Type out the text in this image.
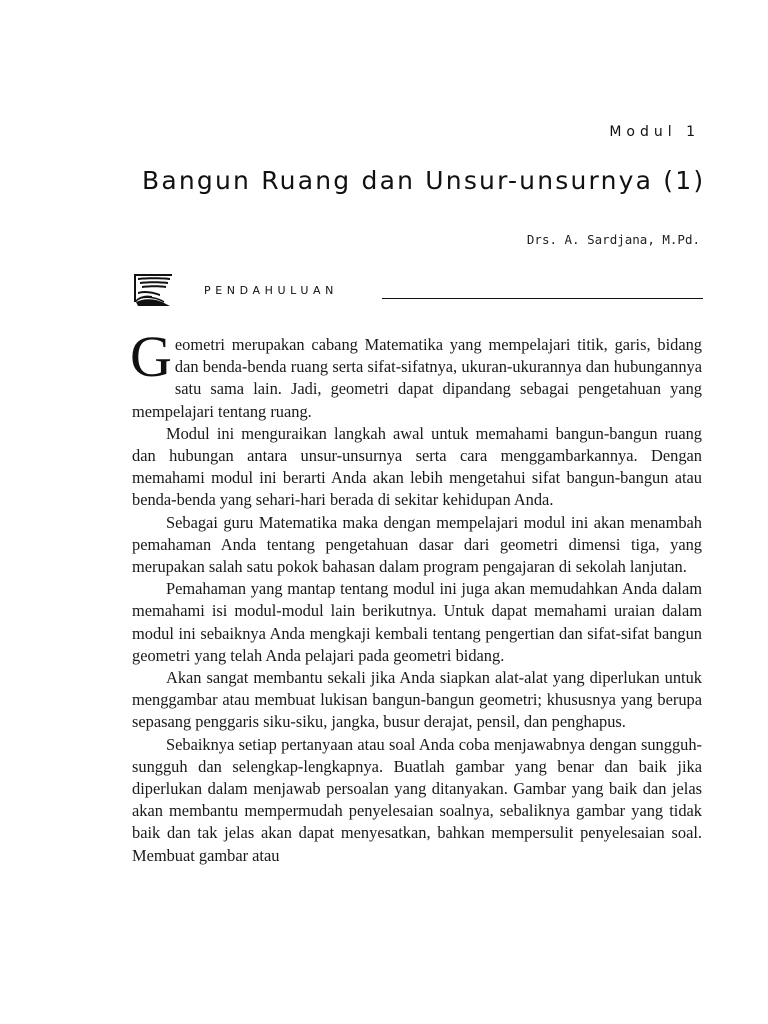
Modul 1
Bangun Ruang dan Unsur-unsurnya (1)
Drs. A. Sardjana, M.Pd.
PENDAHULUAN

Geometri merupakan cabang Matematika yang mempelajari titik, garis, bidang dan benda-benda ruang serta sifat-sifatnya, ukuran-ukurannya dan hubungannya satu sama lain. Jadi, geometri dapat dipandang sebagai pengetahuan yang mempelajari tentang ruang.

Modul ini menguraikan langkah awal untuk memahami bangun-bangun ruang dan hubungan antara unsur-unsurnya serta cara menggambarkannya. Dengan memahami modul ini berarti Anda akan lebih mengetahui sifat bangun-bangun atau benda-benda yang sehari-hari berada di sekitar kehidupan Anda.

Sebagai guru Matematika maka dengan mempelajari modul ini akan menambah pemahaman Anda tentang pengetahuan dasar dari geometri dimensi tiga, yang merupakan salah satu pokok bahasan dalam program pengajaran di sekolah lanjutan.

Pemahaman yang mantap tentang modul ini juga akan memudahkan Anda dalam memahami isi modul-modul lain berikutnya. Untuk dapat memahami uraian dalam modul ini sebaiknya Anda mengkaji kembali tentang pengertian dan sifat-sifat bangun geometri yang telah Anda pelajari pada geometri bidang.

Akan sangat membantu sekali jika Anda siapkan alat-alat yang diperlukan untuk menggambar atau membuat lukisan bangun-bangun geometri; khususnya yang berupa sepasang penggaris siku-siku, jangka, busur derajat, pensil, dan penghapus.

Sebaiknya setiap pertanyaan atau soal Anda coba menjawabnya dengan sungguh-sungguh dan selengkap-lengkapnya. Buatlah gambar yang benar dan baik jika diperlukan dalam menjawab persoalan yang ditanyakan. Gambar yang baik dan jelas akan membantu mempermudah penyelesaian soalnya, sebaliknya gambar yang tidak baik dan tak jelas akan dapat menyesatkan, bahkan mempersulit penyelesaian soal. Membuat gambar atau
